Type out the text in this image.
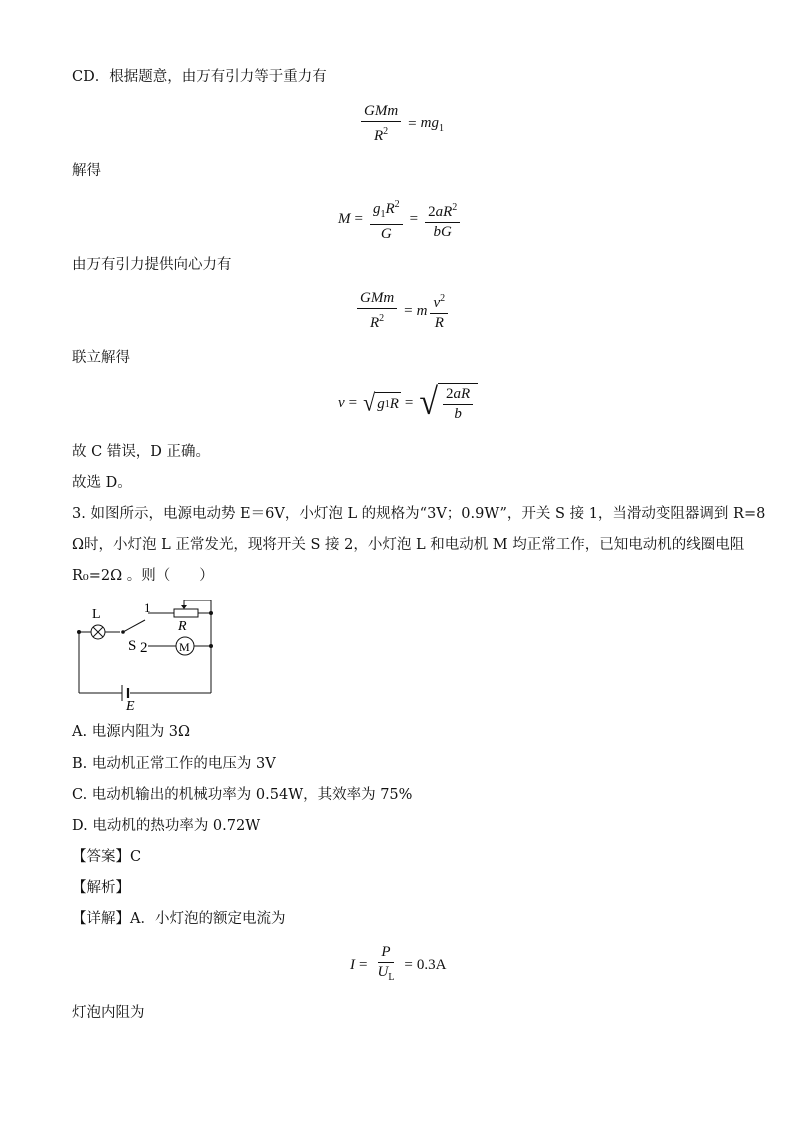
CD．根据题意，由万有引力等于重力有
$\frac{\text{GMm}}{R^2} = mg_1$
解得
$M = \frac{g_1R^2}{G} = \frac{2aR^2}{bG}$
由万有引力提供向心力有
$\frac{\text{GMm}}{R^2} = m \frac{v^2}{R}$
联立解得
v = √ g 1 R = √ $\frac{2aR}{b}$
故 C 错误，D 正确。
故选 D。
3. 如图所示，电源电动势 E＝6V，小灯泡 L 的规格为“3V；0.9W”，开关 S 接 1，当滑动变阻器调到 R=8
Ω时，小灯泡 L 正常发光，现将开关 S 接 2，小灯泡 L 和电动机 M 均正常工作，已知电动机的线圈电阻
R₀=2Ω 。则（　　）
L	1
R
S 2	M
E
A. 电源内阻为 3Ω
B. 电动机正常工作的电压为 3V
C. 电动机输出的机械功率为 0.54W，其效率为 75%
D. 电动机的热功率为 0.72W
【答案】C
【解析】
【详解】A．小灯泡的额定电流为
$I = \frac{P}{U_L} = 0.3A$
灯泡内阻为
